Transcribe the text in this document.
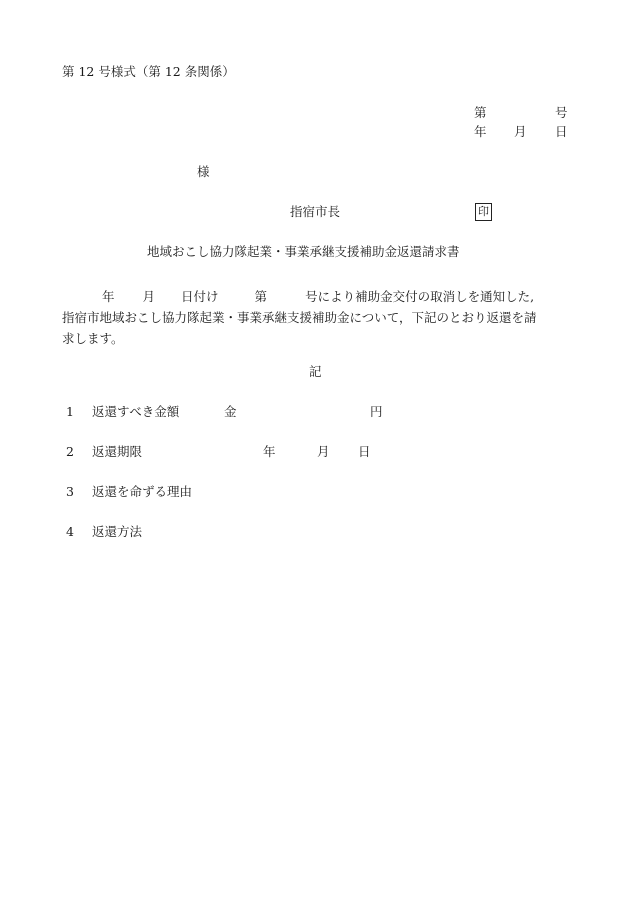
第 12 号様式（第 12 条関係）
第	号
年 月 日
様
指宿市長	印
地域おこし協力隊起業・事業承継支援補助金返還請求書
年 月 日付け	第	号により補助金交付の取消しを通知した,
指宿市地域おこし協力隊起業・事業承継支援補助金について，下記のとおり返還を請
求します。
記
1 返還すべき金額	金	円
2 返還期限	年	月 日
3 返還を命ずる理由
4 返還方法
